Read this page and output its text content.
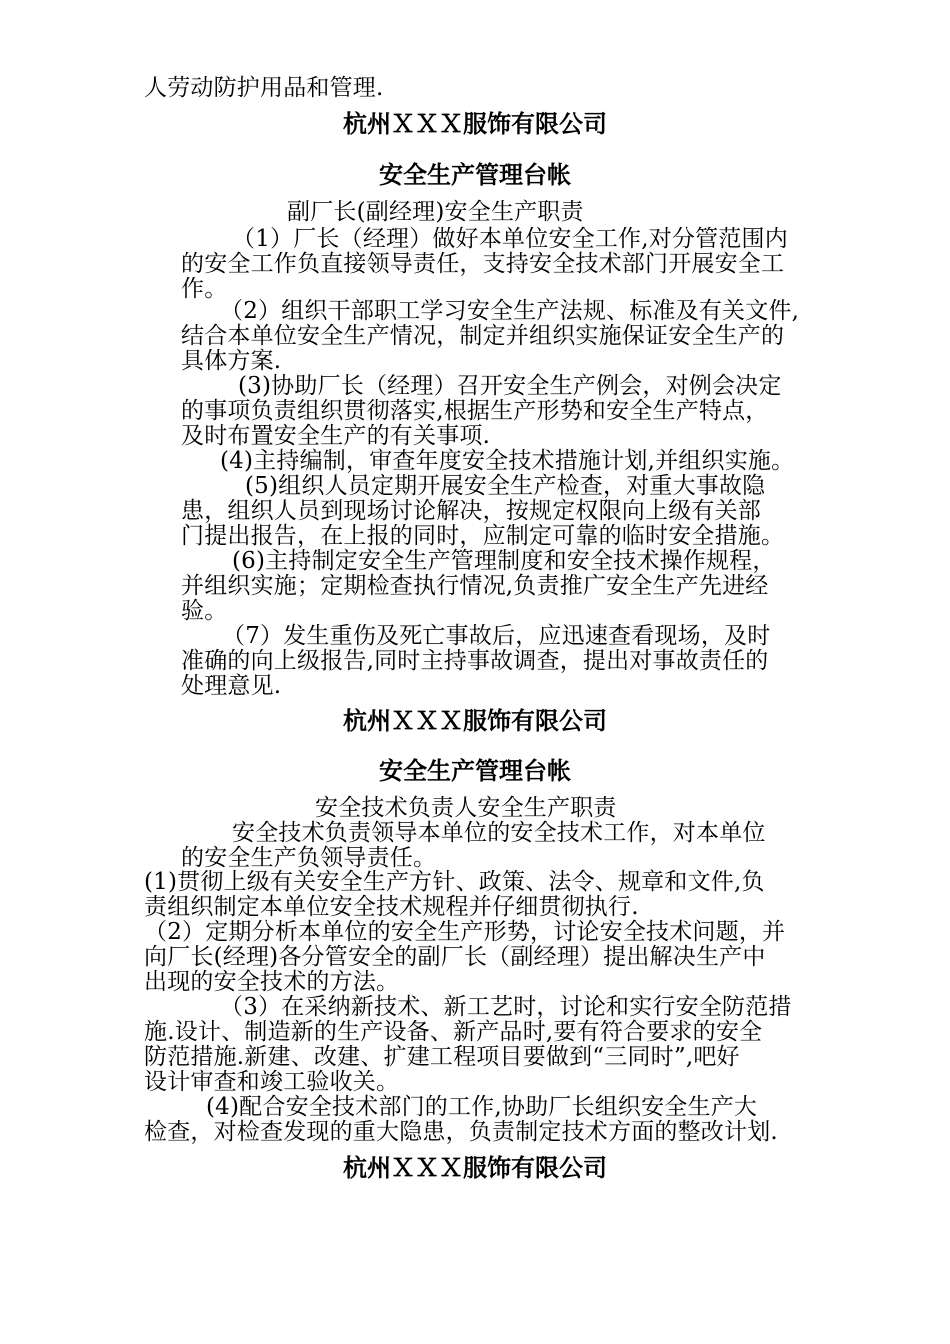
人劳动防护用品和管理.
杭州ＸＸＸ服饰有限公司
安全生产管理台帐
副厂长(副经理)安全生产职责
（1）厂长（经理）做好本单位安全工作,对分管范围内
的安全工作负直接领导责任，支持安全技术部门开展安全工
作。
（2）组织干部职工学习安全生产法规、标准及有关文件,
结合本单位安全生产情况，制定并组织实施保证安全生产的
具体方案.
(3)协助厂长（经理）召开安全生产例会，对例会决定
的事项负责组织贯彻落实,根据生产形势和安全生产特点，
及时布置安全生产的有关事项.
(4)主持编制，审查年度安全技术措施计划,并组织实施。
(5)组织人员定期开展安全生产检查，对重大事故隐
患，组织人员到现场讨论解决，按规定权限向上级有关部
门提出报告，在上报的同时，应制定可靠的临时安全措施。
(6)主持制定安全生产管理制度和安全技术操作规程，
并组织实施；定期检查执行情况,负责推广安全生产先进经
验。
（7）发生重伤及死亡事故后，应迅速查看现场，及时
准确的向上级报告,同时主持事故调查，提出对事故责任的
处理意见.
杭州ＸＸＸ服饰有限公司
安全生产管理台帐
安全技术负责人安全生产职责
安全技术负责领导本单位的安全技术工作，对本单位
的安全生产负领导责任。
(1)贯彻上级有关安全生产方针、政策、法令、规章和文件,负
责组织制定本单位安全技术规程并仔细贯彻执行.
（2）定期分析本单位的安全生产形势，讨论安全技术问题，并
向厂长(经理)各分管安全的副厂长（副经理）提出解决生产中
出现的安全技术的方法。
（3）在采纳新技术、新工艺时，讨论和实行安全防范措
施.设计、制造新的生产设备、新产品时,要有符合要求的安全
防范措施.新建、改建、扩建工程项目要做到“三同时”,吧好
设计审查和竣工验收关。
(4)配合安全技术部门的工作,协助厂长组织安全生产大
检查，对检查发现的重大隐患，负责制定技术方面的整改计划.
杭州ＸＸＸ服饰有限公司
